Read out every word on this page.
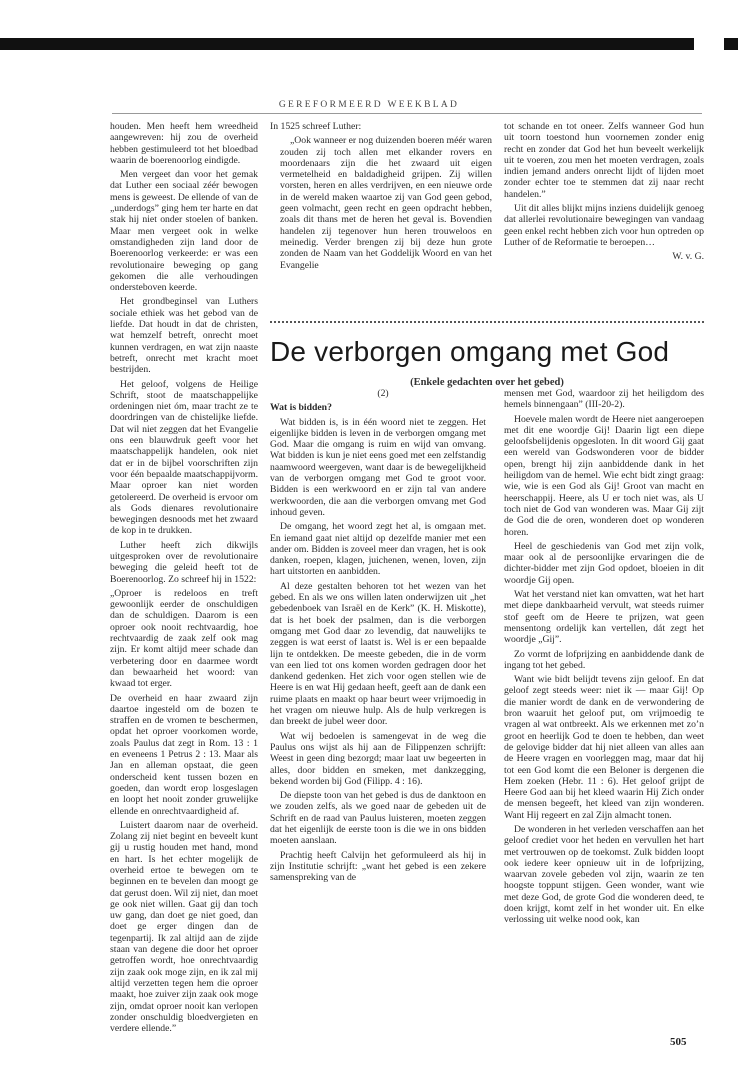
GEREFORMEERD WEEKBLAD

houden. Men heeft hem wreedheid aangewreven: hij zou de overheid hebben gestimuleerd tot het bloedbad waarin de boerenoorlog eindigde.

Men vergeet dan voor het gemak dat Luther een sociaal zéér bewogen mens is geweest. De ellende of van de „underdogs” ging hem ter harte en dat stak hij niet onder stoelen of banken. Maar men vergeet ook in welke omstandigheden zijn land door de Boerenoorlog verkeerde: er was een revolutionaire beweging op gang gekomen die alle verhoudingen ondersteboven keerde.

Het grondbeginsel van Luthers sociale ethiek was het gebod van de liefde. Dat houdt in dat de christen, wat hemzelf betreft, onrecht moet kunnen verdragen, en wat zijn naaste betreft, onrecht met kracht moet bestrijden.

Het geloof, volgens de Heilige Schrift, stoot de maatschappelijke ordeningen niet óm, maar tracht ze te doordringen van de chistelijke liefde. Dat wil niet zeggen dat het Evangelie ons een blauwdruk geeft voor het maatschappelijk handelen, ook niet dat er in de bijbel voorschriften zijn voor één bepaalde maatschappijvorm. Maar oproer kan niet worden getolereerd. De overheid is ervoor om als Gods dienares revolutionaire bewegingen desnoods met het zwaard de kop in te drukken.

Luther heeft zich dikwijls uitgesproken over de revolutionaire beweging die geleid heeft tot de Boerenoorlog. Zo schreef hij in 1522:

„Oproer is redeloos en treft gewoonlijk eerder de onschuldigen dan de schuldigen. Daarom is een oproer ook nooit rechtvaardig, hoe rechtvaardig de zaak zelf ook mag zijn. Er komt altijd meer schade dan verbetering door en daarmee wordt dan bewaarheid het woord: van kwaad tot erger.

De overheid en haar zwaard zijn daartoe ingesteld om de bozen te straffen en de vromen te beschermen, opdat het oproer voorkomen worde, zoals Paulus dat zegt in Rom. 13 : 1 en eveneens 1 Petrus 2 : 13. Maar als Jan en alleman opstaat, die geen onderscheid kent tussen bozen en goeden, dan wordt erop losgeslagen en loopt het nooit zonder gruwelijke ellende en onrechtvaardigheid af.

Luistert daarom naar de overheid. Zolang zij niet begint en beveelt kunt gij u rustig houden met hand, mond en hart. Is het echter mogelijk de overheid ertoe te bewegen om te beginnen en te bevelen dan moogt ge dat gerust doen. Wil zij niet, dan moet ge ook niet willen. Gaat gij dan toch uw gang, dan doet ge niet goed, dan doet ge erger dingen dan de tegenpartij. Ik zal altijd aan de zijde staan van degene die door het oproer getroffen wordt, hoe onrechtvaardig zijn zaak ook moge zijn, en ik zal mij altijd verzetten tegen hem die oproer maakt, hoe zuiver zijn zaak ook moge zijn, omdat oproer nooit kan verlopen zonder onschuldig bloedvergieten en verdere ellende.”

In 1525 schreef Luther:

„Ook wanneer er nog duizenden boeren méér waren zouden zij toch allen met elkander rovers en moordenaars zijn die het zwaard uit eigen vermetelheid en baldadigheid grijpen. Zij willen vorsten, heren en alles verdrijven, en een nieuwe orde in de wereld maken waartoe zij van God geen gebod, geen volmacht, geen recht en geen opdracht hebben, zoals dit thans met de heren het geval is. Bovendien handelen zij tegenover hun heren trouweloos en meinedig. Verder brengen zij bij deze hun grote zonden de Naam van het Goddelijk Woord en van het Evangelie

tot schande en tot oneer. Zelfs wanneer God hun uit toorn toestond hun voornemen zonder enig recht en zonder dat God het hun beveelt werkelijk uit te voeren, zou men het moeten verdragen, zoals indien jemand anders onrecht lijdt of lijden moet zonder echter toe te stemmen dat zij naar recht handelen.”

Uit dit alles blijkt mijns inziens duidelijk genoeg dat allerlei revolutionaire bewegingen van vandaag geen enkel recht hebben zich voor hun optreden op Luther of de Reformatie te beroepen…

W. v. G.

De verborgen omgang met God
(Enkele gedachten over het gebed)

(2)

Wat is bidden?

Wat bidden is, is in één woord niet te zeggen. Het eigenlijke bidden is leven in de verborgen omgang met God. Maar die omgang is ruim en wijd van omvang. Wat bidden is kun je niet eens goed met een zelfstandig naamwoord weergeven, want daar is de bewegelijkheid van de verborgen omgang met God te groot voor. Bidden is een werkwoord en er zijn tal van andere werkwoorden, die aan die verborgen omvang met God inhoud geven.

De omgang, het woord zegt het al, is omgaan met. En iemand gaat niet altijd op dezelfde manier met een ander om. Bidden is zoveel meer dan vragen, het is ook danken, roepen, klagen, juichenen, wenen, loven, zijn hart uitstorten en aanbidden.

Al deze gestalten behoren tot het wezen van het gebed. En als we ons willen laten onderwijzen uit „het gebedenboek van Israël en de Kerk” (K. H. Miskotte), dat is het boek der psalmen, dan is die verborgen omgang met God daar zo levendig, dat nauwelijks te zeggen is wat eerst of laatst is. Wel is er een bepaalde lijn te ontdekken. De meeste gebeden, die in de vorm van een lied tot ons komen worden gedragen door het dankend gedenken. Het zich voor ogen stellen wie de Heere is en wat Hij gedaan heeft, geeft aan de dank een ruime plaats en maakt op haar beurt weer vrijmoedig in het vragen om nieuwe hulp. Als de hulp verkregen is dan breekt de jubel weer door.

Wat wij bedoelen is samengevat in de weg die Paulus ons wijst als hij aan de Filippenzen schrijft: Weest in geen ding bezorgd; maar laat uw begeerten in alles, door bidden en smeken, met dankzegging, bekend worden bij God (Filipp. 4 : 16).

De diepste toon van het gebed is dus de danktoon en we zouden zelfs, als we goed naar de gebeden uit de Schrift en de raad van Paulus luisteren, moeten zeggen dat het eigenlijk de eerste toon is die we in ons bidden moeten aanslaan.

Prachtig heeft Calvijn het geformuleerd als hij in zijn Institutie schrijft: „want het gebed is een zekere samenspreking van de

mensen met God, waardoor zij het heiligdom des hemels binnengaan” (III-20-2).

Hoevele malen wordt de Heere niet aangeroepen met dit ene woordje Gij! Daarin ligt een diepe geloofsbelijdenis opgesloten. In dit woord Gij gaat een wereld van Godswonderen voor de bidder open, brengt hij zijn aanbiddende dank in het heiligdom van de hemel. Wie echt bidt zingt graag: wie, wie is een God als Gij! Groot van macht en heerschappij. Heere, als U er toch niet was, als U toch niet de God van wonderen was. Maar Gij zijt de God die de oren, wonderen doet op wonderen horen.

Heel de geschiedenis van God met zijn volk, maar ook al de persoonlijke ervaringen die de dichter-bidder met zijn God opdoet, bloeien in dit woordje Gij open.

Wat het verstand niet kan omvatten, wat het hart met diepe dankbaarheid vervult, wat steeds ruimer stof geeft om de Heere te prijzen, wat geen mensentong ordelijk kan vertellen, dát zegt het woordje „Gij”.

Zo vormt de lofprijzing en aanbiddende dank de ingang tot het gebed.

Want wie bidt belijdt tevens zijn geloof. En dat geloof zegt steeds weer: niet ik — maar Gij! Op die manier wordt de dank en de verwondering de bron waaruit het geloof put, om vrijmoedig te vragen al wat ontbreekt. Als we erkennen met zo’n groot en heerlijk God te doen te hebben, dan weet de gelovige bidder dat hij niet alleen van alles aan de Heere vragen en voorleggen mag, maar dat hij tot een God komt die een Beloner is dergenen die Hem zoeken (Hebr. 11 : 6). Het geloof grijpt de Heere God aan bij het kleed waarin Hij Zich onder de mensen begeeft, het kleed van zijn wonderen. Want Hij regeert en zal Zijn almacht tonen.

De wonderen in het verleden verschaffen aan het geloof crediet voor het heden en vervullen het hart met vertrouwen op de toekomst. Zulk bidden loopt ook iedere keer opnieuw uit in de lofprijzing, waarvan zovele gebeden vol zijn, waarin ze ten hoogste toppunt stijgen. Geen wonder, want wie met deze God, de grote God die wonderen deed, te doen krijgt, komt zelf in het wonder uit. En elke verlossing uit welke nood ook, kan

505
